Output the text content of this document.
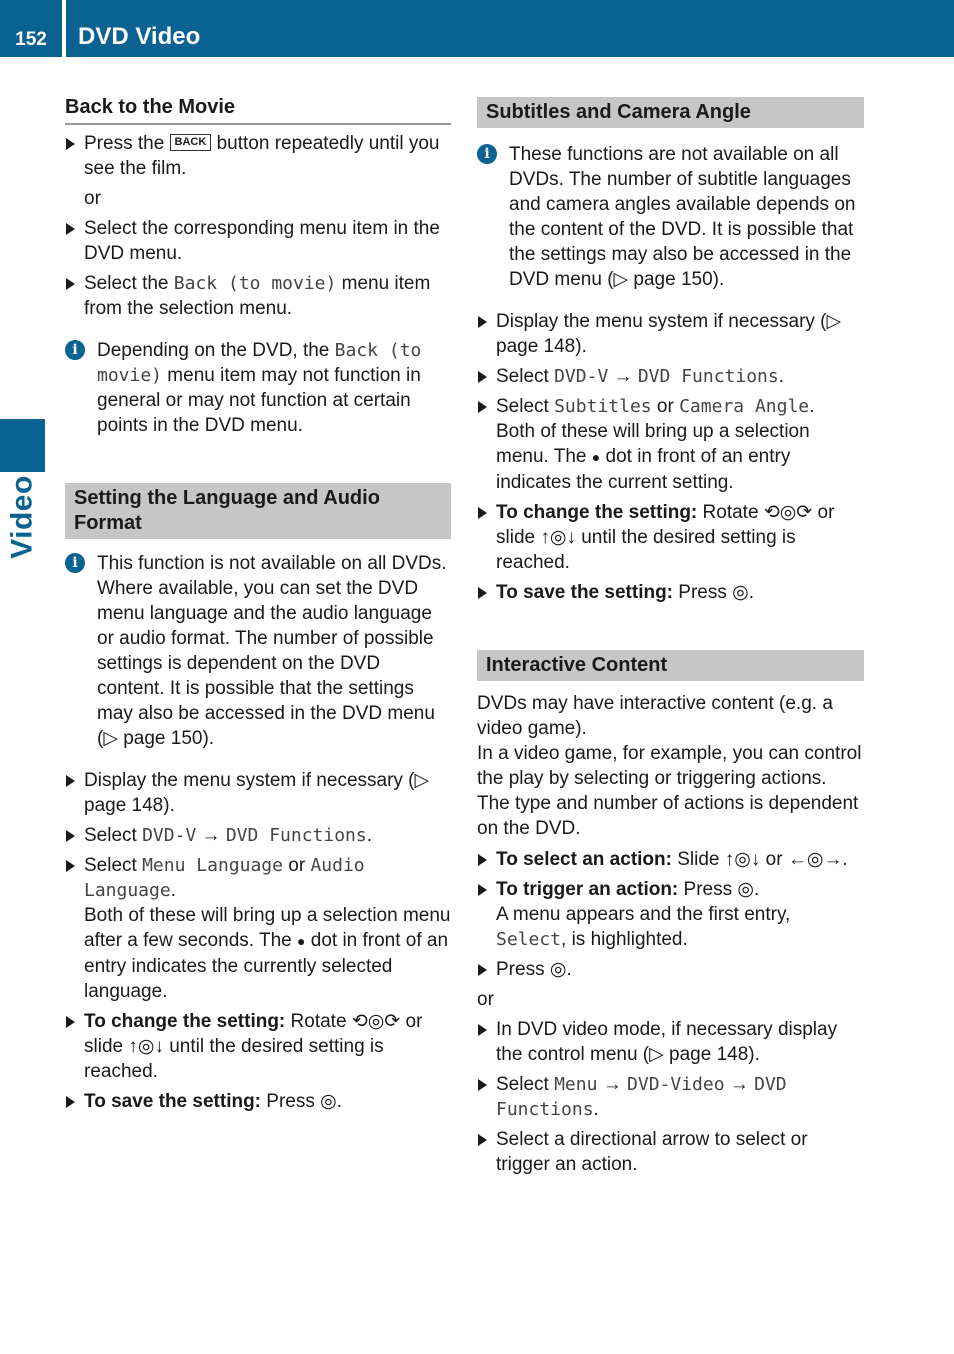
152	DVD Video
Video
Back to the Movie
Press the BACK button repeatedly until you see the film.
or
Select the corresponding menu item in the DVD menu.
Select the Back (to movie) menu item from the selection menu.
i	Depending on the DVD, the Back (to movie) menu item may not function in general or may not function at certain points in the DVD menu.
Setting the Language and Audio Format
i	This function is not available on all DVDs. Where available, you can set the DVD menu language and the audio language or audio format. The number of possible settings is dependent on the DVD content. It is possible that the settings may also be accessed in the DVD menu (▷ page 150).
Display the menu system if necessary (▷ page 148).
Select DVD-V → DVD Functions.
Select Menu Language or Audio Language.
Both of these will bring up a selection menu after a few seconds. The ● dot in front of an entry indicates the currently selected language.
To change the setting: Rotate ⟲◎⟳ or slide ↑◎↓ until the desired setting is reached.
To save the setting: Press ◎.
Subtitles and Camera Angle
i	These functions are not available on all DVDs. The number of subtitle languages and camera angles available depends on the content of the DVD. It is possible that the settings may also be accessed in the DVD menu (▷ page 150).
Display the menu system if necessary (▷ page 148).
Select DVD-V → DVD Functions.
Select Subtitles or Camera Angle.
Both of these will bring up a selection menu. The ● dot in front of an entry indicates the current setting.
To change the setting: Rotate ⟲◎⟳ or slide ↑◎↓ until the desired setting is reached.
To save the setting: Press ◎.
Interactive Content
DVDs may have interactive content (e.g. a video game).
In a video game, for example, you can control the play by selecting or triggering actions. The type and number of actions is dependent on the DVD.
To select an action: Slide ↑◎↓ or ←◎→.
To trigger an action: Press ◎.
A menu appears and the first entry, Select, is highlighted.
Press ◎.
or
In DVD video mode, if necessary display the control menu (▷ page 148).
Select Menu → DVD-Video → DVD Functions.
Select a directional arrow to select or trigger an action.
